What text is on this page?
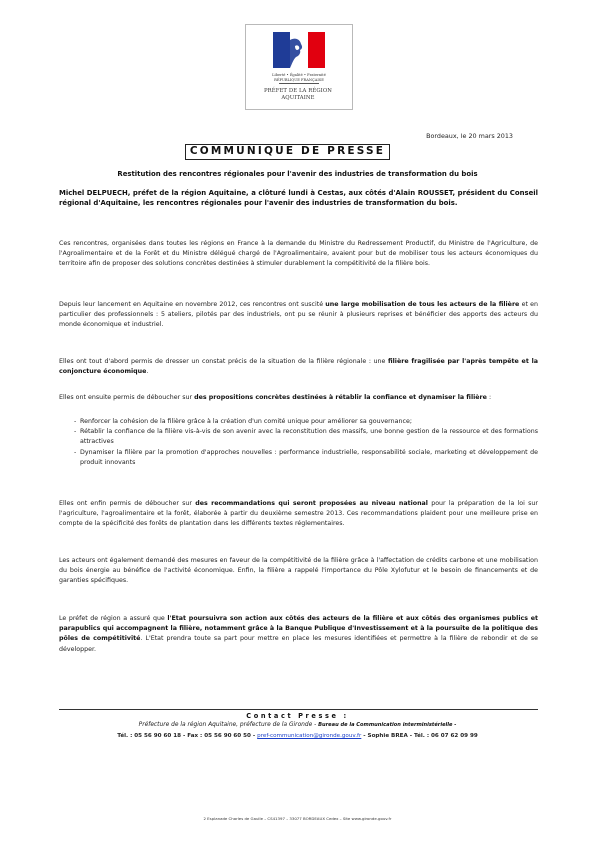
Liberté • Égalité • Fraternité
RÉPUBLIQUE FRANÇAISE
PRÉFET DE LA RÉGION
AQUITAINE
Bordeaux, le 20 mars 2013
COMMUNIQUE DE PRESSE
Restitution des rencontres régionales pour l'avenir des industries de transformation du bois

Michel DELPUECH, préfet de la région Aquitaine, a clôturé lundi à Cestas, aux côtés d'Alain ROUSSET, président du Conseil régional d'Aquitaine, les rencontres régionales pour l'avenir des industries de transformation du bois.

Ces rencontres, organisées dans toutes les régions en France à la demande du Ministre du Redressement Productif, du Ministre de l'Agriculture, de l'Agroalimentaire et de la Forêt et du Ministre délégué chargé de l'Agroalimentaire, avaient pour but de mobiliser tous les acteurs économiques du territoire afin de proposer des solutions concrètes destinées à stimuler durablement la compétitivité de la filière bois.

Depuis leur lancement en Aquitaine en novembre 2012, ces rencontres ont suscité une large mobilisation de tous les acteurs de la filière et en particulier des professionnels : 5 ateliers, pilotés par des industriels, ont pu se réunir à plusieurs reprises et bénéficier des apports des acteurs du monde économique et industriel.

Elles ont tout d'abord permis de dresser un constat précis de la situation de la filière régionale : une filière fragilisée par l'après tempête et la conjoncture économique.

Elles ont ensuite permis de déboucher sur des propositions concrètes destinées à rétablir la confiance et dynamiser la filière :

- Renforcer la cohésion de la filière grâce à la création d'un comité unique pour améliorer sa gouvernance;
- Rétablir la confiance de la filière vis-à-vis de son avenir avec la reconstitution des massifs, une bonne gestion de la ressource et des formations attractives
- Dynamiser la filière par la promotion d'approches nouvelles : performance industrielle, responsabilité sociale, marketing et développement de produit innovants

Elles ont enfin permis de déboucher sur des recommandations qui seront proposées au niveau national pour la préparation de la loi sur l'agriculture, l'agroalimentaire et la forêt, élaborée à partir du deuxième semestre 2013. Ces recommandations plaident pour une meilleure prise en compte de la spécificité des forêts de plantation dans les différents textes réglementaires.

Les acteurs ont également demandé des mesures en faveur de la compétitivité de la filière grâce à l'affectation de crédits carbone et une mobilisation du bois énergie au bénéfice de l'activité économique. Enfin, la filière a rappelé l'importance du Pôle Xylofutur et le besoin de financements et de garanties spécifiques.

Le préfet de région a assuré que l'Etat poursuivra son action aux côtés des acteurs de la filière et aux côtés des organismes publics et parapublics qui accompagnent la filière, notamment grâce à la Banque Publique d'Investissement et à la poursuite de la politique des pôles de compétitivité. L'Etat prendra toute sa part pour mettre en place les mesures identifiées et permettre à la filière de rebondir et de se développer.

Contact Presse :
Préfecture de la région Aquitaine, préfecture de la Gironde - Bureau de la Communication interministérielle -
Tél. : 05 56 90 60 18 - Fax : 05 56 90 60 50 - pref-communication@gironde.gouv.fr - Sophie BREA - Tél. : 06 07 62 09 99
2 Esplanade Charles de Gaulle – CS41397 – 33077 BORDEAUX Cedex – Site www.gironde.gouv.fr
